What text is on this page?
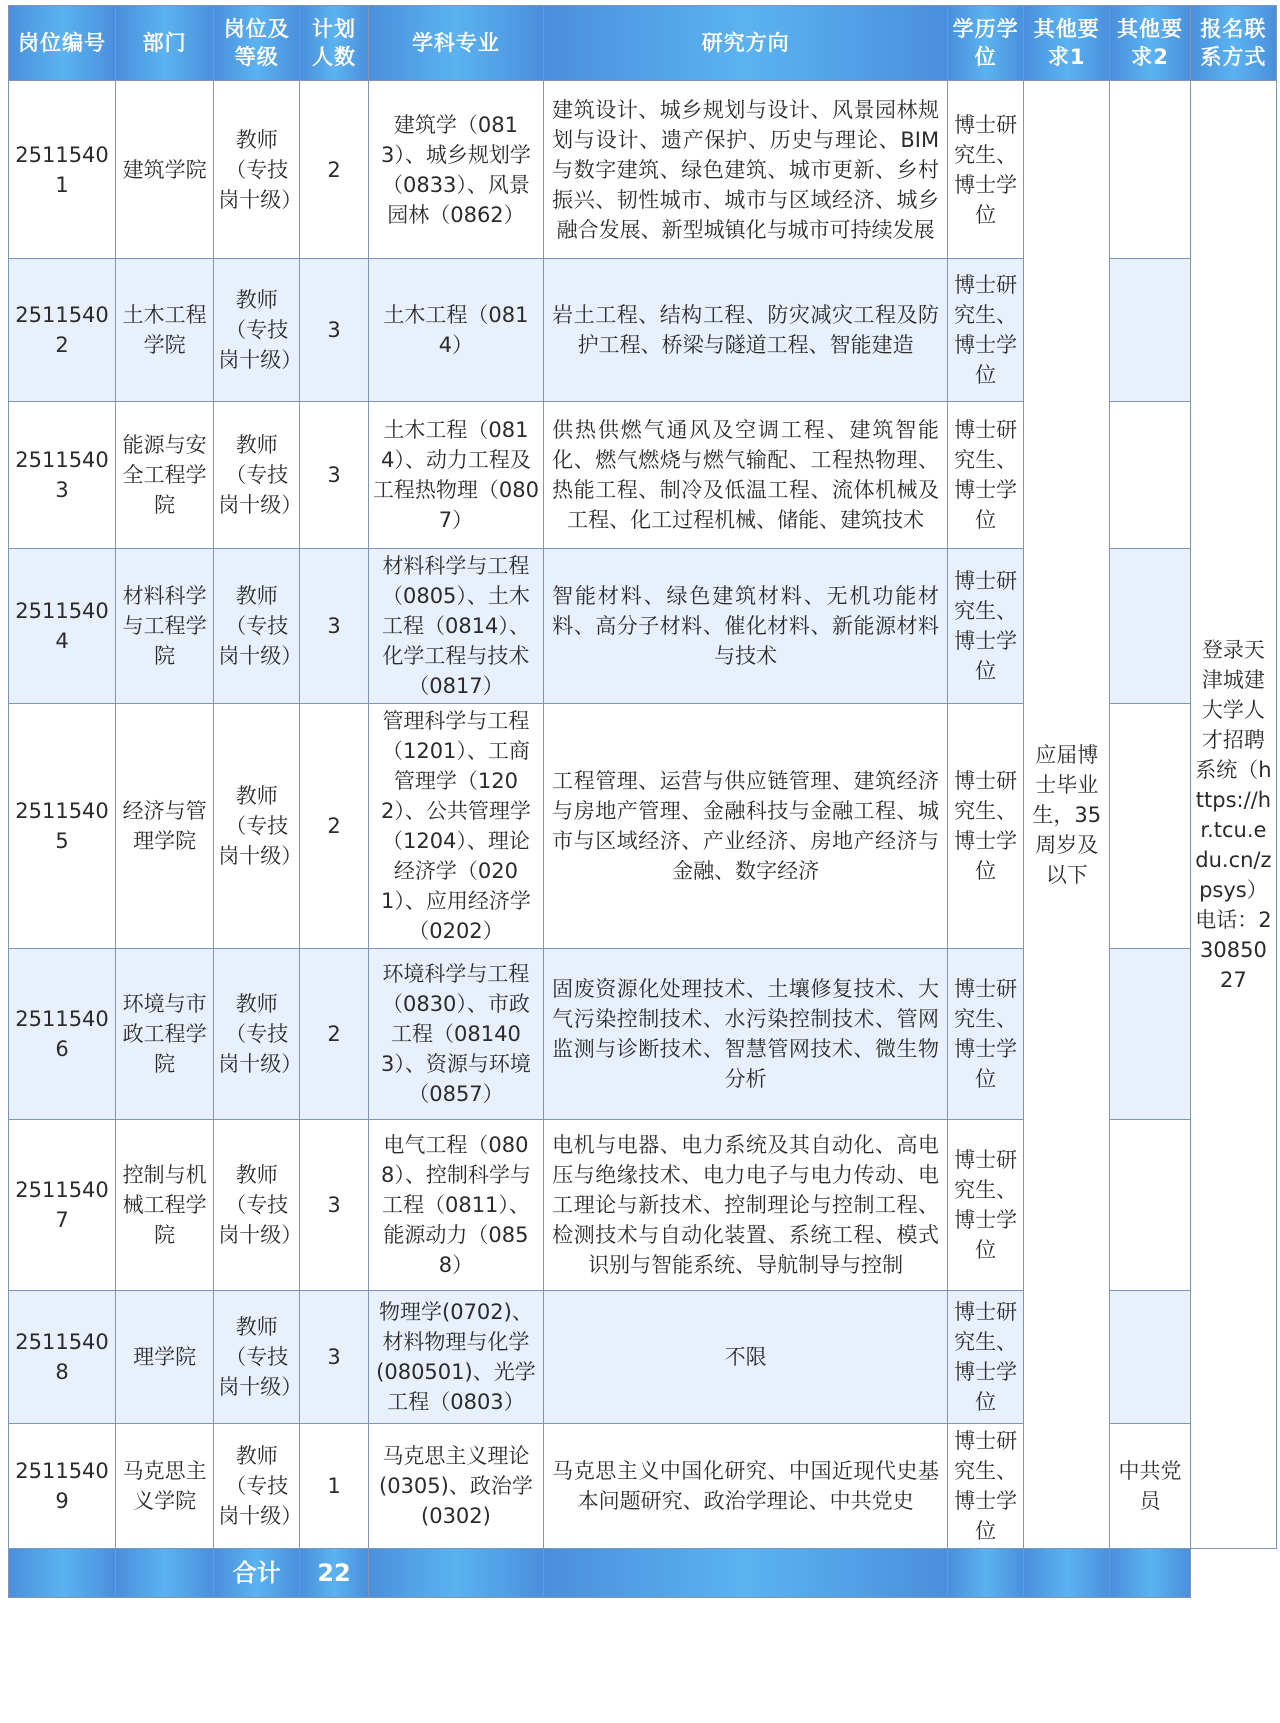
岗位编号	部门	岗位及等级	计划人数	学科专业	研究方向	学历学位	其他要求1	其他要求2	报名联系方式
25115401	建筑学院	教师（专技岗十级）	2	建筑学（0813）、城乡规划学（0833）、风景园林（0862）	建筑设计、城乡规划与设计、风景园林规划与设计、遗产保护、历史与理论、BIM与数字建筑、绿色建筑、城市更新、乡村振兴、韧性城市、城市与区域经济、城乡融合发展、新型城镇化与城市可持续发展	博士研究生、博士学位	应届博士毕业生，35周岁及以下		登录天津城建大学人才招聘系统（https://hr.tcu.edu.cn/zpsys）电话：23085027
25115402	土木工程学院	教师（专技岗十级）	3	土木工程（0814）	岩土工程、结构工程、防灾减灾工程及防护工程、桥梁与隧道工程、智能建造	博士研究生、博士学位			
25115403	能源与安全工程学院	教师（专技岗十级）	3	土木工程（0814）、动力工程及工程热物理（0807）	供热供燃气通风及空调工程、建筑智能化、燃气燃烧与燃气输配、工程热物理、热能工程、制冷及低温工程、流体机械及工程、化工过程机械、储能、建筑技术	博士研究生、博士学位			
25115404	材料科学与工程学院	教师（专技岗十级）	3	材料科学与工程（0805）、土木工程（0814）、化学工程与技术（0817）	智能材料、绿色建筑材料、无机功能材料、高分子材料、催化材料、新能源材料与技术	博士研究生、博士学位			
25115405	经济与管理学院	教师（专技岗十级）	2	管理科学与工程（1201）、工商管理学（1202）、公共管理学（1204）、理论经济学（0201）、应用经济学（0202）	工程管理、运营与供应链管理、建筑经济与房地产管理、金融科技与金融工程、城市与区域经济、产业经济、房地产经济与金融、数字经济	博士研究生、博士学位			
25115406	环境与市政工程学院	教师（专技岗十级）	2	环境科学与工程（0830）、市政工程（081403）、资源与环境（0857）	固废资源化处理技术、土壤修复技术、大气污染控制技术、水污染控制技术、管网监测与诊断技术、智慧管网技术、微生物分析	博士研究生、博士学位			
25115407	控制与机械工程学院	教师（专技岗十级）	3	电气工程（0808）、控制科学与工程（0811）、能源动力（0858）	电机与电器、电力系统及其自动化、高电压与绝缘技术、电力电子与电力传动、电工理论与新技术、控制理论与控制工程、检测技术与自动化装置、系统工程、模式识别与智能系统、导航制导与控制	博士研究生、博士学位			
25115408	理学院	教师（专技岗十级）	3	物理学(0702)、材料物理与化学(080501)、光学工程（0803）	不限	博士研究生、博士学位			
25115409	马克思主义学院	教师（专技岗十级）	1	马克思主义理论(0305)、政治学(0302)	马克思主义中国化研究、中国近现代史基本问题研究、政治学理论、中共党史	博士研究生、博士学位		中共党员	
		合计	22						
